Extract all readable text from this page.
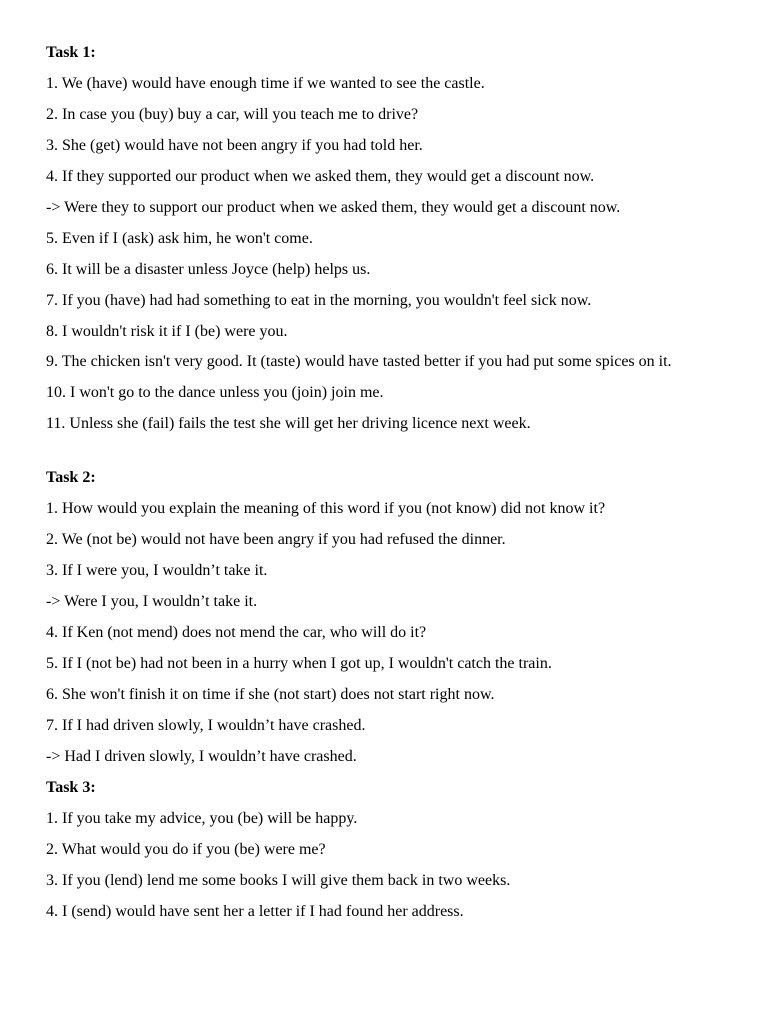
Task 1:
1. We (have) would have enough time if we wanted to see the castle.
2. In case you (buy) buy a car, will you teach me to drive?
3. She (get) would have not been angry if you had told her.
4. If they supported our product when we asked them, they would get a discount now.
-> Were they to support our product when we asked them, they would get a discount now.
5. Even if I (ask) ask him, he won't come.
6. It will be a disaster unless Joyce (help) helps us.
7. If you (have) had had something to eat in the morning, you wouldn't feel sick now.
8. I wouldn't risk it if I (be) were you.
9. The chicken isn't very good. It (taste) would have tasted better if you had put some spices on it.
10. I won't go to the dance unless you (join) join me.
11. Unless she (fail) fails the test she will get her driving licence next week.
Task 2:
1. How would you explain the meaning of this word if you (not know) did not know it?
2. We (not be) would not have been angry if you had refused the dinner.
3. If I were you, I wouldn’t take it.
-> Were I you, I wouldn’t take it.
4. If Ken (not mend) does not mend the car, who will do it?
5. If I (not be) had not been in a hurry when I got up, I wouldn't catch the train.
6. She won't finish it on time if she (not start) does not start right now.
7. If I had driven slowly, I wouldn’t have crashed.
-> Had I driven slowly, I wouldn’t have crashed.
Task 3:
1. If you take my advice, you (be) will be happy.
2. What would you do if you (be) were me?
3. If you (lend) lend me some books I will give them back in two weeks.
4. I (send) would have sent her a letter if I had found her address.
